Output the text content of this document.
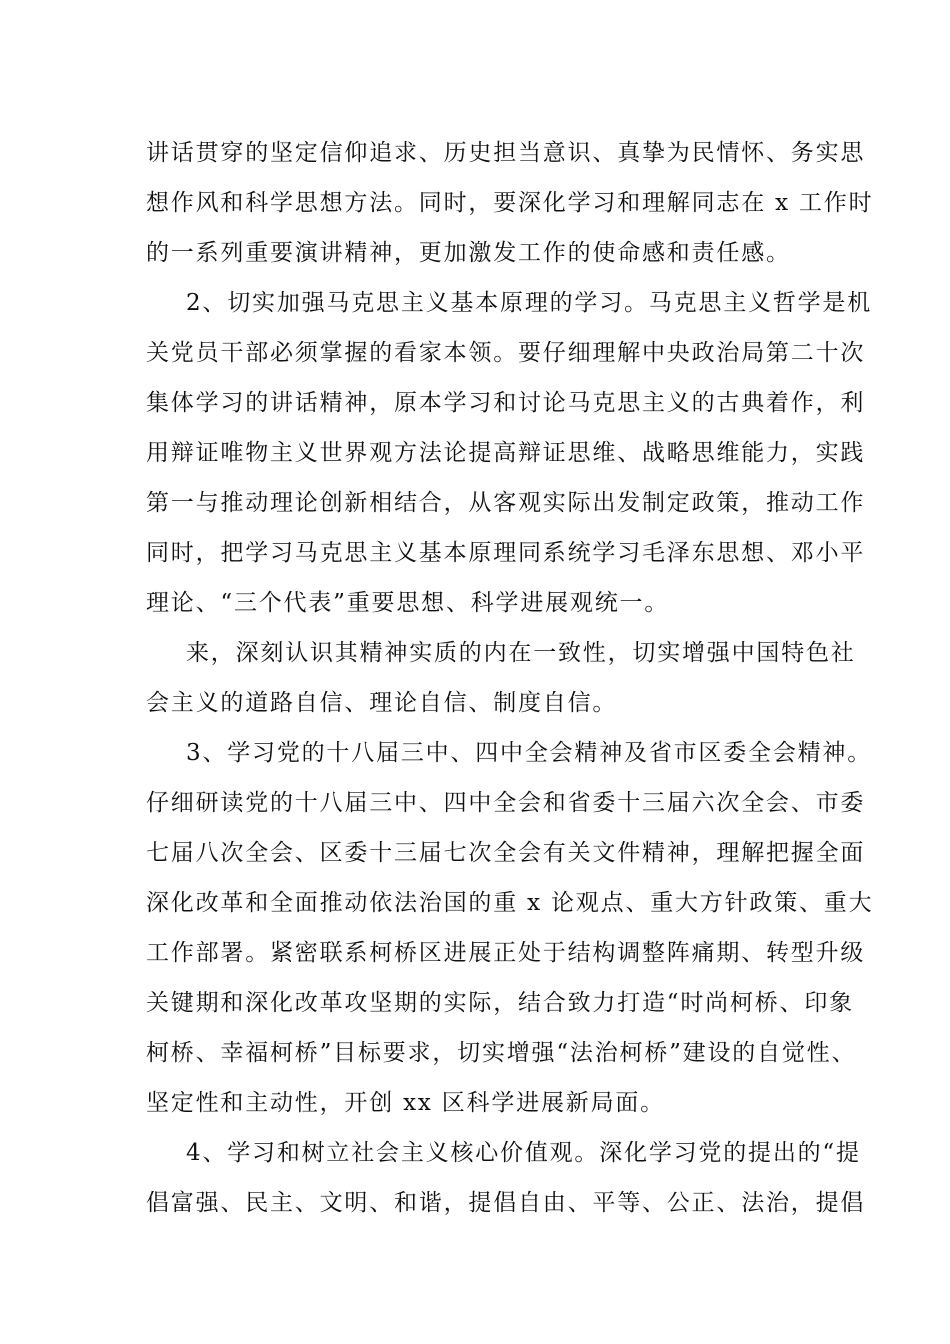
讲话贯穿的坚定信仰追求、历史担当意识、真挚为民情怀、务实思
想作风和科学思想方法。同时，要深化学习和理解同志在 x 工作时
的一系列重要演讲精神，更加激发工作的使命感和责任感。
2、切实加强马克思主义基本原理的学习。马克思主义哲学是机
关党员干部必须掌握的看家本领。要仔细理解中央政治局第二十次
集体学习的讲话精神，原本学习和讨论马克思主义的古典着作，利
用辩证唯物主义世界观方法论提高辩证思维、战略思维能力，实践
第一与推动理论创新相结合，从客观实际出发制定政策，推动工作
同时，把学习马克思主义基本原理同系统学习毛泽东思想、邓小平
理论、“三个代表”重要思想、科学进展观统一。
来，深刻认识其精神实质的内在一致性，切实增强中国特色社
会主义的道路自信、理论自信、制度自信。
3、学习党的十八届三中、四中全会精神及省市区委全会精神。
仔细研读党的十八届三中、四中全会和省委十三届六次全会、市委
七届八次全会、区委十三届七次全会有关文件精神，理解把握全面
深化改革和全面推动依法治国的重 x 论观点、重大方针政策、重大
工作部署。紧密联系柯桥区进展正处于结构调整阵痛期、转型升级
关键期和深化改革攻坚期的实际，结合致力打造“时尚柯桥、印象
柯桥、幸福柯桥”目标要求，切实增强“法治柯桥”建设的自觉性、
坚定性和主动性，开创 xx 区科学进展新局面。
4、学习和树立社会主义核心价值观。深化学习党的提出的“提
倡富强、民主、文明、和谐，提倡自由、平等、公正、法治，提倡
